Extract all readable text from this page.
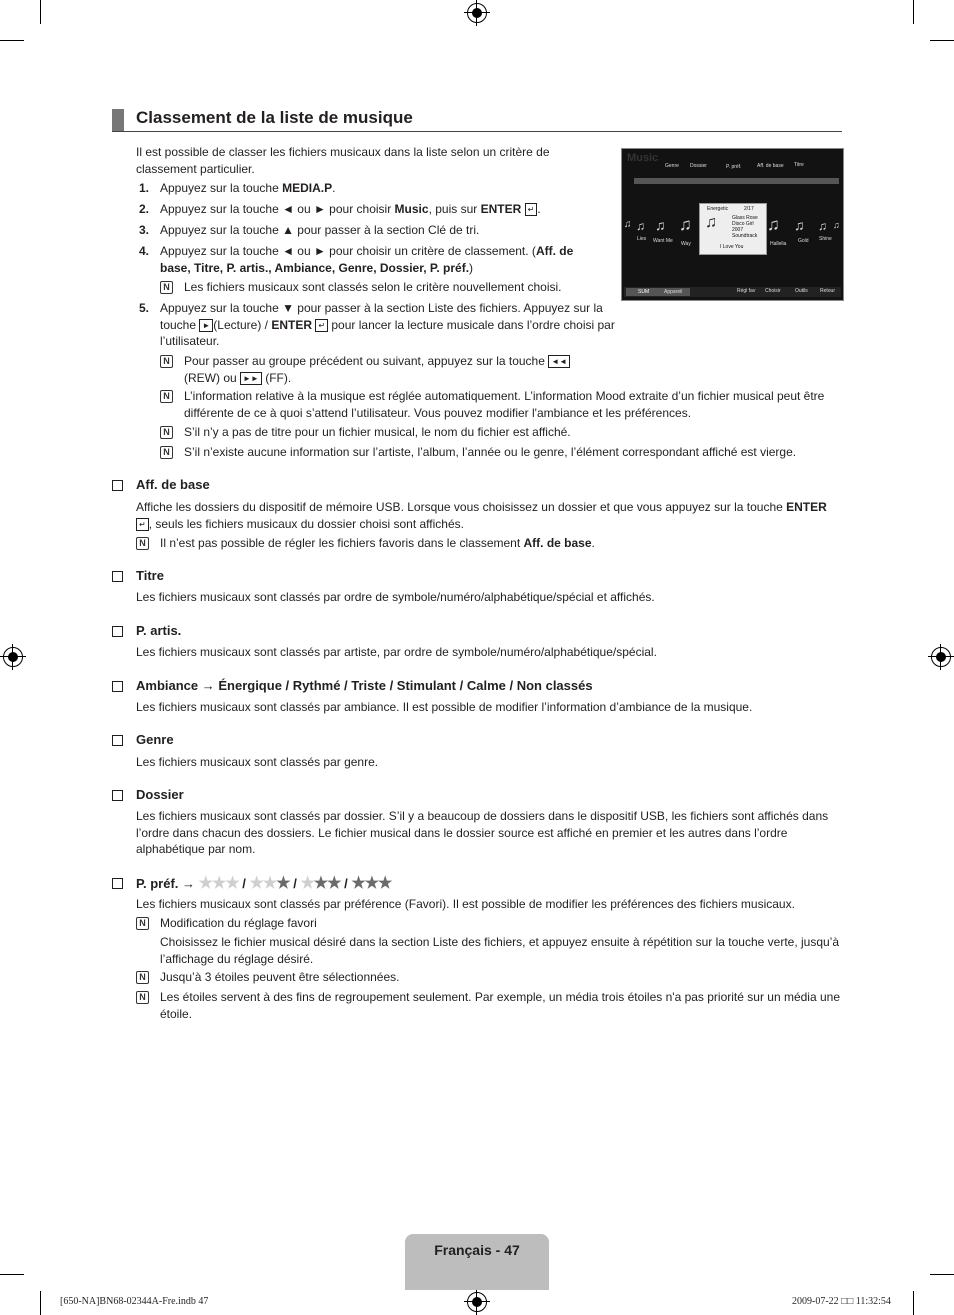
Classement de la liste de musique
Il est possible de classer les fichiers musicaux dans la liste selon un critère de classement particulier.
1. Appuyez sur la touche MEDIA.P.
2. Appuyez sur la touche ◄ ou ► pour choisir Music, puis sur ENTER ↵ .
3. Appuyez sur la touche ▲ pour passer à la section Clé de tri.
4. Appuyez sur la touche ◄ ou ► pour choisir un critère de classement. (Aff. de base, Titre, P. artis., Ambiance, Genre, Dossier, P. préf.)
N Les fichiers musicaux sont classés selon le critère nouvellement choisi.
5. Appuyez sur la touche ▼ pour passer à la section Liste des fichiers. Appuyez sur la touche ► (Lecture) / ENTER ↵ pour lancer la lecture musicale dans l’ordre choisi par l’utilisateur.
N Pour passer au groupe précédent ou suivant, appuyez sur la touche ◄◄
(REW) ou ►► (FF).
N L’information relative à la musique est réglée automatiquement. L’information Mood extraite d’un fichier musical peut être différente de ce à quoi s’attend l’utilisateur. Vous pouvez modifier l'ambiance et les préférences.
N S’il n’y a pas de titre pour un fichier musical, le nom du fichier est affiché.
N S’il n’existe aucune information sur l’artiste, l’album, l’année ou le genre, l’élément correspondant affiché est vierge.
Music
Genre Dossier	P. préf.	Aff. de base Titre
Energetic	2/17
Glass Rose
Disco Girl
2007
Soundtrack
♫
I Love You
♫ ♫ ♫ ♫	♫ ♫ ♫ ♫
Lies Want Me Way	Hallelia Gold Shine
SUM	Appareil	Régl fav Choisir	Outils Retour
Aff. de base
Affiche les dossiers du dispositif de mémoire USB. Lorsque vous choisissez un dossier et que vous appuyez sur la touche ENTER ↵ , seuls les fichiers musicaux du dossier choisi sont affichés.
N Il n’est pas possible de régler les fichiers favoris dans le classement Aff. de base.
Titre
Les fichiers musicaux sont classés par ordre de symbole/numéro/alphabétique/spécial et affichés.
P. artis.
Les fichiers musicaux sont classés par artiste, par ordre de symbole/numéro/alphabétique/spécial.
Ambiance → Énergique / Rythmé / Triste / Stimulant / Calme / Non classés
Les fichiers musicaux sont classés par ambiance. Il est possible de modifier l’information d’ambiance de la musique.
Genre
Les fichiers musicaux sont classés par genre.
Dossier
Les fichiers musicaux sont classés par dossier. S’il y a beaucoup de dossiers dans le dispositif USB, les fichiers sont affichés dans l’ordre dans chacun des dossiers. Le fichier musical dans le dossier source est affiché en premier et les autres dans l’ordre alphabétique par nom.
P. préf. → ★★★ / ★★★ / ★★★ / ★★★
Les fichiers musicaux sont classés par préférence (Favori). Il est possible de modifier les préférences des fichiers musicaux.
N Modification du réglage favori
Choisissez le fichier musical désiré dans la section Liste des fichiers, et appuyez ensuite à répétition sur la touche verte, jusqu’à l’affichage du réglage désiré.
N Jusqu’à 3 étoiles peuvent être sélectionnées.
N Les étoiles servent à des fins de regroupement seulement. Par exemple, un média trois étoiles n'a pas priorité sur un média une étoile.
Français - 47
[650-NA]BN68-02344A-Fre.indb 47	2009-07-22 □□ 11:32:54
